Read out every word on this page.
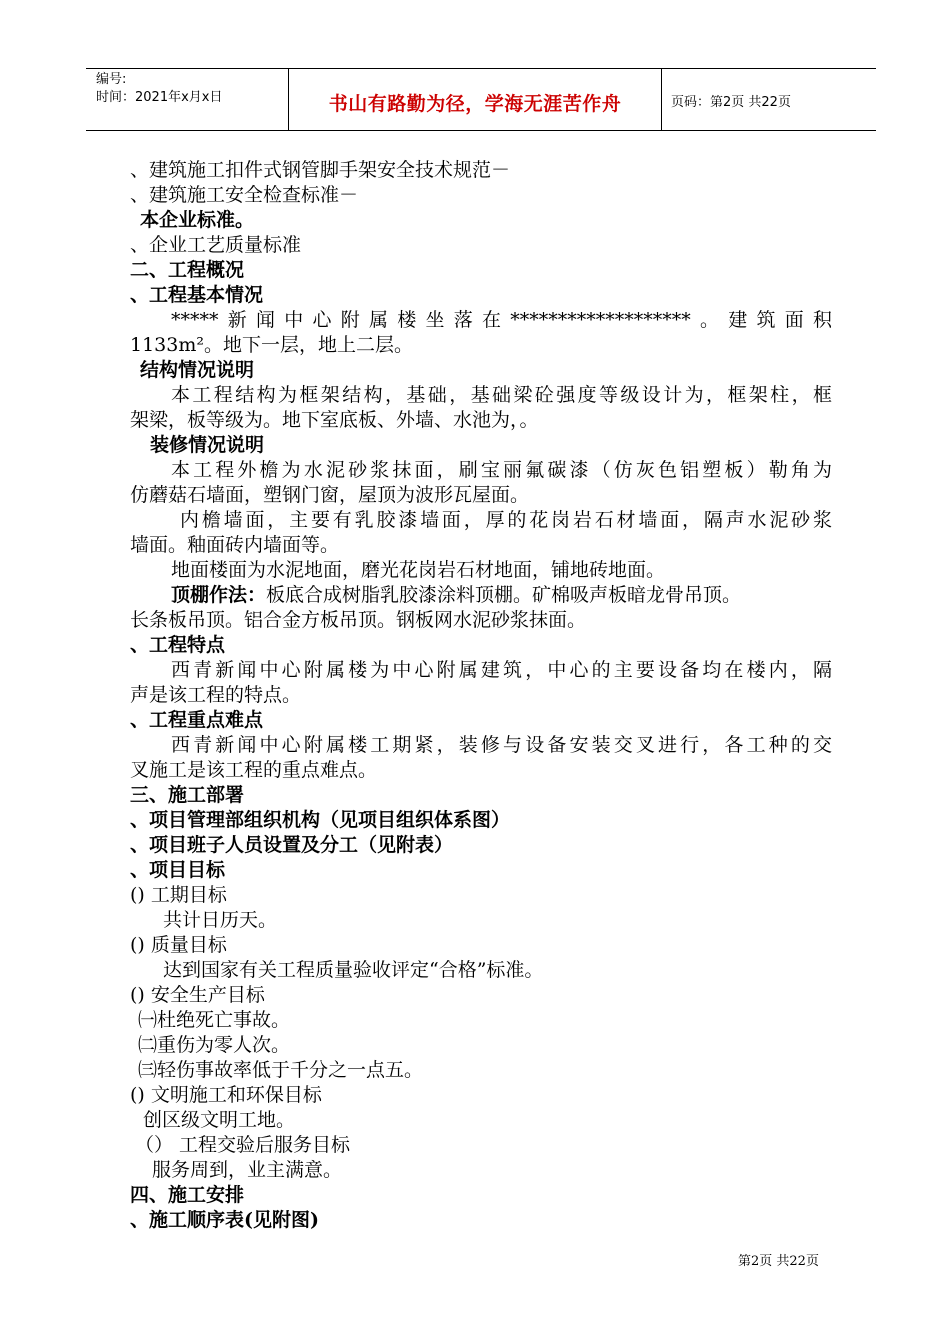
编号:
时间：2021年x月x日	书山有路勤为径，学海无涯苦作舟	页码：第2页 共22页
、建筑施工扣件式钢管脚手架安全技术规范－
、建筑施工安全检查标准－
本企业标准。
、企业工艺质量标准
二、工程概况
、工程基本情况
*****新闻中心附属楼坐落在*******************。建筑面积
1133m²。地下一层，地上二层。
结构情况说明
本工程结构为框架结构，基础，基础梁砼强度等级设计为，框架柱，框
架梁，板等级为。地下室底板、外墙、水池为，。
装修情况说明
本工程外檐为水泥砂浆抹面，刷宝丽氟碳漆（仿灰色铝塑板）勒角为
仿蘑菇石墙面，塑钢门窗，屋顶为波形瓦屋面。
内檐墙面，主要有乳胶漆墙面，厚的花岗岩石材墙面，隔声水泥砂浆
墙面。釉面砖内墙面等。
地面楼面为水泥地面，磨光花岗岩石材地面，铺地砖地面。
顶棚作法：板底合成树脂乳胶漆涂料顶棚。矿棉吸声板暗龙骨吊顶。
长条板吊顶。铝合金方板吊顶。钢板网水泥砂浆抹面。
、工程特点
西青新闻中心附属楼为中心附属建筑，中心的主要设备均在楼内，隔
声是该工程的特点。
、工程重点难点
西青新闻中心附属楼工期紧，装修与设备安装交叉进行，各工种的交
叉施工是该工程的重点难点。
三、施工部署
、项目管理部组织机构（见项目组织体系图）
、项目班子人员设置及分工（见附表）
、项目目标
() 工期目标
共计日历天。
() 质量目标
达到国家有关工程质量验收评定“合格”标准。
() 安全生产目标
㈠杜绝死亡事故。
㈡重伤为零人次。
㈢轻伤事故率低于千分之一点五。
() 文明施工和环保目标
创区级文明工地。
（） 工程交验后服务目标
服务周到，业主满意。
四、施工安排
、施工顺序表(见附图)
第2页 共22页
